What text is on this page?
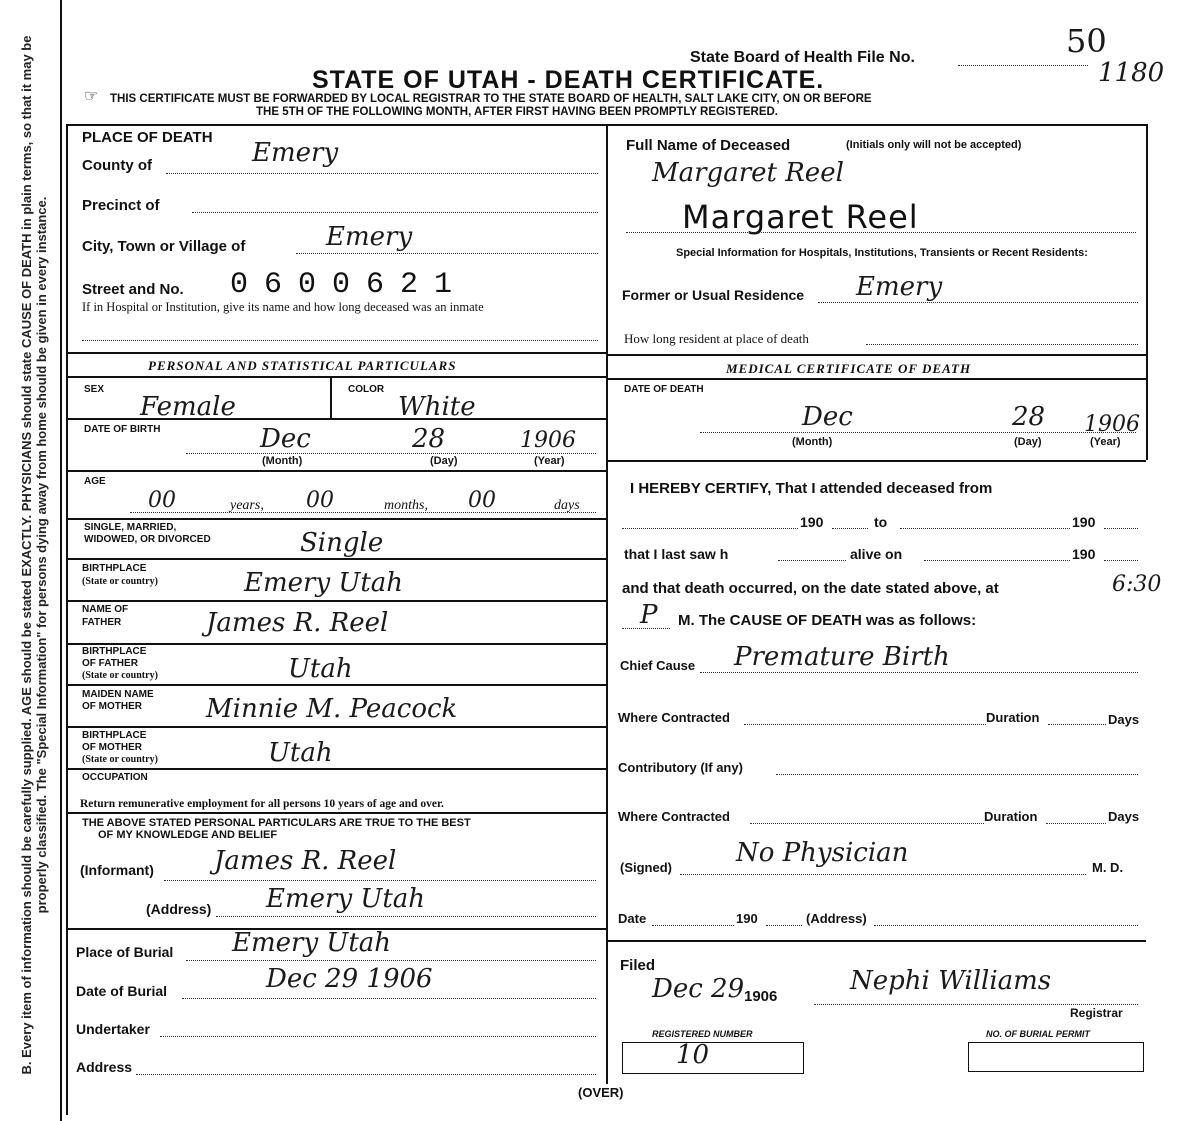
B. Every item of information should be carefully supplied. AGE should be stated EXACTLY. PHYSICIANS should state CAUSE OF DEATH in plain terms, so that it may be properly classified. The "Special Information" for persons dying away from home should be given in every instance.
State Board of Health File No.	50
1180
STATE OF UTAH - DEATH CERTIFICATE.
☞ THIS CERTIFICATE MUST BE FORWARDED BY LOCAL REGISTRAR TO THE STATE BOARD OF HEALTH, SALT LAKE CITY, ON OR BEFORE
THE 5TH OF THE FOLLOWING MONTH, AFTER FIRST HAVING BEEN PROMPTLY REGISTERED.
PLACE OF DEATH
County of	Emery
Precinct of
City, Town or Village of	Emery
Street and No. 0600621
If in Hospital or Institution, give its name and how long deceased was an inmate
Full Name of Deceased	(Initials only will not be accepted)
Margaret Reel
Margaret Reel
Special Information for Hospitals, Institutions, Transients or Recent Residents:
Former or Usual Residence Emery
How long resident at place of death
PERSONAL AND STATISTICAL PARTICULARS
SEX
Female
COLOR
White
DATE OF BIRTH	Dec	28	1906
(Month)	(Day)	(Year)
AGE
00	years, 00	months, 00	days
SINGLE, MARRIED,
WIDOWED, OR DIVORCED	Single
BIRTHPLACE
(State or country)	Emery Utah
NAME OF
FATHER	James R. Reel
BIRTHPLACE
OF FATHER
(State or country)	Utah
MAIDEN NAME
OF MOTHER Minnie M. Peacock
BIRTHPLACE
OF MOTHER
(State or country)	Utah
OCCUPATION
Return remunerative employment for all persons 10 years of age and over.
THE ABOVE STATED PERSONAL PARTICULARS ARE TRUE TO THE BEST
OF MY KNOWLEDGE AND BELIEF
(Informant) James R. Reel
(Address) Emery Utah
Place of Burial Emery Utah
Date of Burial	Dec 29 1906
Undertaker
Address
(OVER)
MEDICAL CERTIFICATE OF DEATH
DATE OF DEATH
Dec	28 1906
(Month)	(Day)	(Year)
I HEREBY CERTIFY, That I attended deceased from
190	to	190
that I last saw h	alive on	190
and that death occurred, on the date stated above, at	6:30
P M. The CAUSE OF DEATH was as follows:
Chief Cause Premature Birth
Where Contracted	Duration	Days
Contributory (If any)
Where Contracted	Duration	Days
(Signed) No Physician	M. D.
Date	190	(Address)
Filed
Dec 29 1906
Nephi Williams
Registrar
REGISTERED NUMBER
10
NO. OF BURIAL PERMIT
